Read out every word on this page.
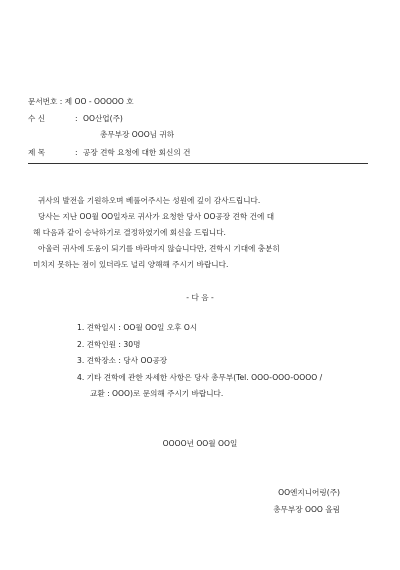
문서번호 : 제 OO - OOOOO 호
수 신	: OO산업(주)
총무부장 OOO님 귀하
제 목	: 공장 견학 요청에 대한 회신의 건
귀사의 발전을 기원하오며 베풀어주시는 성원에 깊이 감사드립니다.
당사는 지난 OO월 OO일자로 귀사가 요청한 당사 OO공장 견학 건에 대
해 다음과 같이 승낙하기로 결정하였기에 회신을 드립니다.
아울러 귀사에 도움이 되기를 바라마지 않습니다만, 견학시 기대에 충분히
미치지 못하는 점이 있더라도 널리 양해해 주시기 바랍니다.
- 다 음 -
1. 견학일시 : OO월 OO일 오후 O시
2. 견학인원 : 30명
3. 견학장소 : 당사 OO공장
4. 기타 견학에 관한 자세한 사항은 당사 총무부(Tel. OOO-OOO-OOOO /
교환 : OOO)로 문의해 주시기 바랍니다.
OOOO년 OO월 OO일
OO엔지니어링(주)
총무부장 OOO 올림
